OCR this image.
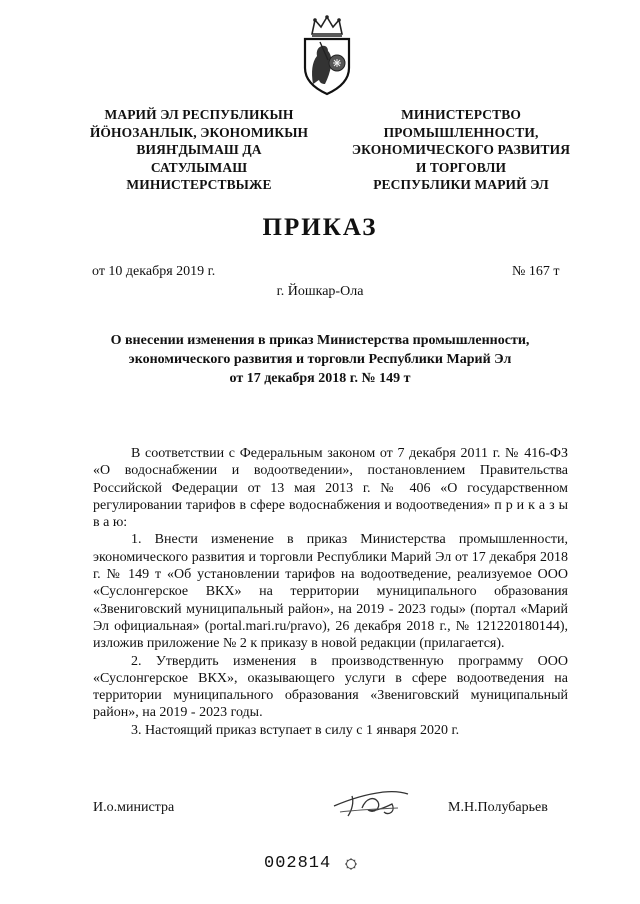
МАРИЙ ЭЛ РЕСПУБЛИКЫН
ЙӦНОЗАНЛЫК, ЭКОНОМИКЫН
ВИЯҤДЫМАШ ДА
САТУЛЫМАШ
МИНИСТЕРСТВЫЖЕ
МИНИСТЕРСТВО
ПРОМЫШЛЕННОСТИ,
ЭКОНОМИЧЕСКОГО РАЗВИТИЯ
И ТОРГОВЛИ
РЕСПУБЛИКИ МАРИЙ ЭЛ
ПРИКАЗ
от 10 декабря 2019 г.	№ 167 т
г. Йошкар-Ола
О внесении изменения в приказ Министерства промышленности,
экономического развития и торговли Республики Марий Эл
от 17 декабря 2018 г. № 149 т

В соответствии с Федеральным законом от 7 декабря 2011 г. № 416-ФЗ «О водоснабжении и водоотведении», постановлением Правительства Российской Федерации от 13 мая 2013 г. № 406 «О государственном регулировании тарифов в сфере водоснабжения и водоотведения» п р и к а з ы в а ю:

1. Внести изменение в приказ Министерства промышленности, экономического развития и торговли Республики Марий Эл от 17 декабря 2018 г. № 149 т «Об установлении тарифов на водоотведение, реализуемое ООО «Суслонгерское ВКХ» на территории муниципального образования «Звениговский муниципальный район», на 2019 - 2023 годы» (портал «Марий Эл официальная» (portal.mari.ru/pravo), 26 декабря 2018 г., № 121220180144), изложив приложение № 2 к приказу в новой редакции (прилагается).

2. Утвердить изменения в производственную программу ООО «Суслонгерское ВКХ», оказывающего услуги в сфере водоотведения на территории муниципального образования «Звениговский муниципальный район», на 2019 - 2023 годы.

3. Настоящий приказ вступает в силу с 1 января 2020 г.

И.о.министра	М.Н.Полубарьев
002814
